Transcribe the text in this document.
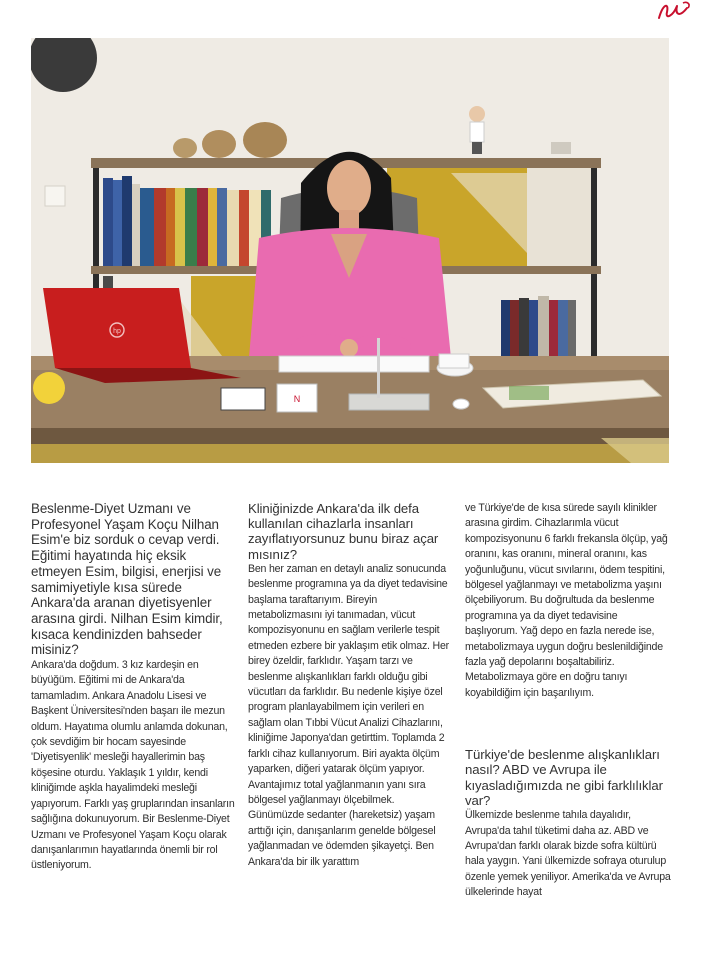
hp
N

Beslenme-Diyet Uzmanı ve Profesyonel Yaşam Koçu Nilhan Esim'e biz sorduk o cevap verdi. Eğitimi hayatında hiç eksik etmeyen Esim, bilgisi, enerjisi ve samimiyetiyle kısa sürede Ankara'da aranan diyetisyenler arasına girdi. Nilhan Esim kimdir, kısaca kendinizden bahseder misiniz?

Ankara'da doğdum. 3 kız kardeşin en büyüğüm. Eğitimi mi de Ankara'da tamamladım. Ankara Anadolu Lisesi ve Başkent Üniversitesi'nden başarı ile mezun oldum. Hayatıma olumlu anlamda dokunan, çok sevdiğim bir hocam sayesinde 'Diyetisyenlik' mesleği hayallerimin baş köşesine oturdu. Yaklaşık 1 yıldır, kendi kliniğimde aşkla hayalimdeki mesleği yapıyorum. Farklı yaş gruplarından insanların sağlığına dokunuyorum. Bir Beslenme-Diyet Uzmanı ve Profesyonel Yaşam Koçu olarak danışanlarımın hayatlarında önemli bir rol üstleniyorum.

Kliniğinizde Ankara'da ilk defa kullanılan cihazlarla insanları zayıflatıyorsunuz bunu biraz açar mısınız?

Ben her zaman en detaylı analiz sonucunda beslenme programına ya da diyet tedavisine başlama taraftarıyım. Bireyin metabolizmasını iyi tanımadan, vücut kompozisyonunu en sağlam verilerle tespit etmeden ezbere bir yaklaşım etik olmaz. Her birey özeldir, farklıdır. Yaşam tarzı ve beslenme alışkanlıkları farklı olduğu gibi vücutları da farklıdır. Bu nedenle kişiye özel program planlayabilmem için verileri en sağlam olan Tıbbi Vücut Analizi Cihazlarını, kliniğime Japonya'dan getirttim. Toplamda 2 farklı cihaz kullanıyorum. Biri ayakta ölçüm yaparken, diğeri yatarak ölçüm yapıyor. Avantajımız total yağlanmanın yanı sıra bölgesel yağlanmayı ölçebilmek. Günümüzde sedanter (hareketsiz) yaşam arttığı için, danışanlarım genelde bölgesel yağlanmadan ve ödemden şikayetçi. Ben Ankara'da bir ilk yarattım

ve Türkiye'de de kısa sürede sayılı klinikler arasına girdim. Cihazlarımla vücut kompozisyonunu 6 farklı frekansla ölçüp, yağ oranını, kas oranını, mineral oranını, kas yoğunluğunu, vücut sıvılarını, ödem tespitini, bölgesel yağlanmayı ve metabolizma yaşını ölçebiliyorum. Bu doğrultuda da beslenme programına ya da diyet tedavisine başlıyorum. Yağ depo en fazla nerede ise, metabolizmaya uygun doğru beslenildiğinde fazla yağ depolarını boşaltabiliriz. Metabolizmaya göre en doğru tanıyı koyabildiğim için başarılıyım.

Türkiye'de beslenme alışkanlıkları nasıl? ABD ve Avrupa ile kıyasladığımızda ne gibi farklılıklar var?

Ülkemizde beslenme tahıla dayalıdır, Avrupa'da tahıl tüketimi daha az. ABD ve Avrupa'dan farklı olarak bizde sofra kültürü hala yaygın. Yani ülkemizde sofraya oturulup özenle yemek yeniliyor. Amerika'da ve Avrupa ülkelerinde hayat
